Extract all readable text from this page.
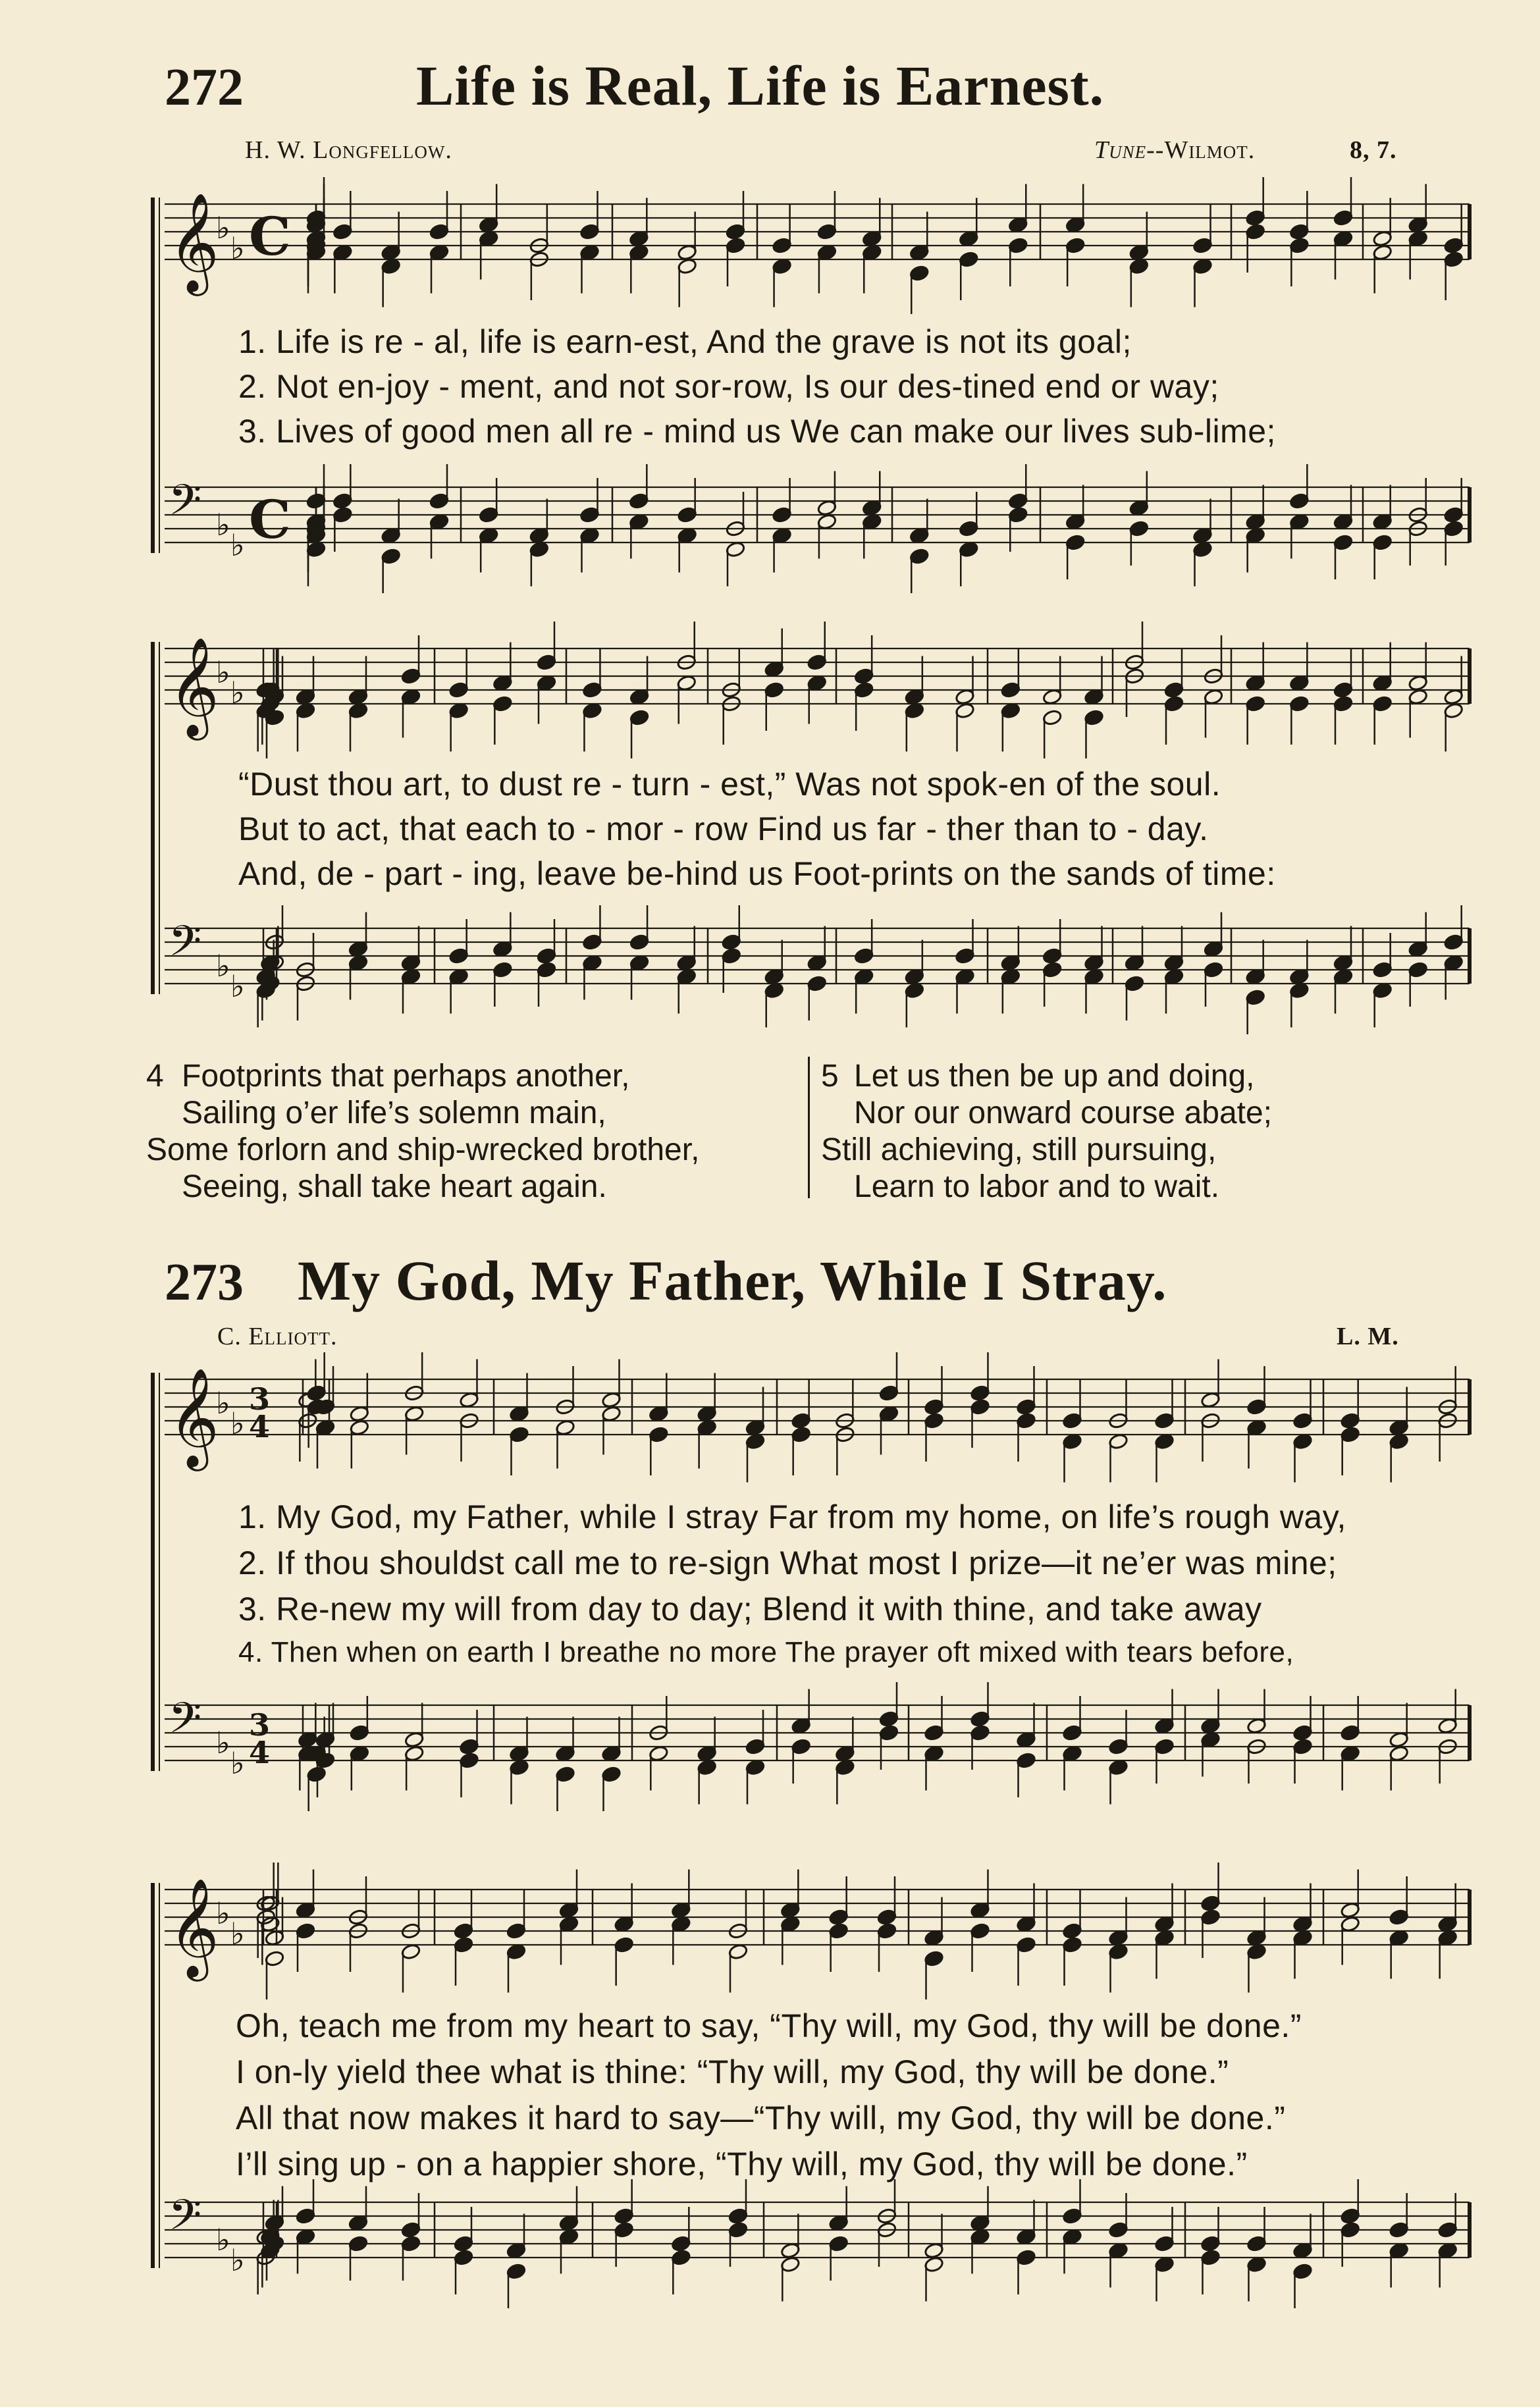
272	Life is Real, Life is Earnest.
H. W. Longfellow.	Tune--Wilmot.	8, 7.
1. Life is re - al, life is earn-est, And the grave is not its goal;
2. Not en-joy - ment, and not sor-row, Is our des-tined end or way;
3. Lives of good men all re - mind us We can make our lives sub-lime;
“Dust thou art, to dust re - turn - est,” Was not spok-en of the soul.
But to act, that each to - mor - row Find us far - ther than to - day.
And, de - part - ing, leave be-hind us Foot-prints on the sands of time:
4 Footprints that perhaps another,
Sailing o’er life’s solemn main,
Some forlorn and ship-wrecked brother,
Seeing, shall take heart again.
5 Let us then be up and doing,
Nor our onward course abate;
Still achieving, still pursuing,
Learn to labor and to wait.
273 My God, My Father, While I Stray.
C. Elliott.	L. M.
1. My God, my Father, while I stray Far from my home, on life’s rough way,
2. If thou shouldst call me to re-sign What most I prize—it ne’er was mine;
3. Re-new my will from day to day; Blend it with thine, and take away
4. Then when on earth I breathe no more The prayer oft mixed with tears before,
Oh, teach me from my heart to say, “Thy will, my God, thy will be done.”
I on-ly yield thee what is thine: “Thy will, my God, thy will be done.”
All that now makes it hard to say—“Thy will, my God, thy will be done.”
I’ll sing up - on a happier shore, “Thy will, my God, thy will be done.”
𝄞
♭
♭ C
𝄢 ♭
♭ C
𝄞
♭
♭
𝄢 ♭
♭
𝄞
♭
♭
3
4
𝄢 ♭
♭
3
4
𝄞
♭
♭
𝄢 ♭
♭
